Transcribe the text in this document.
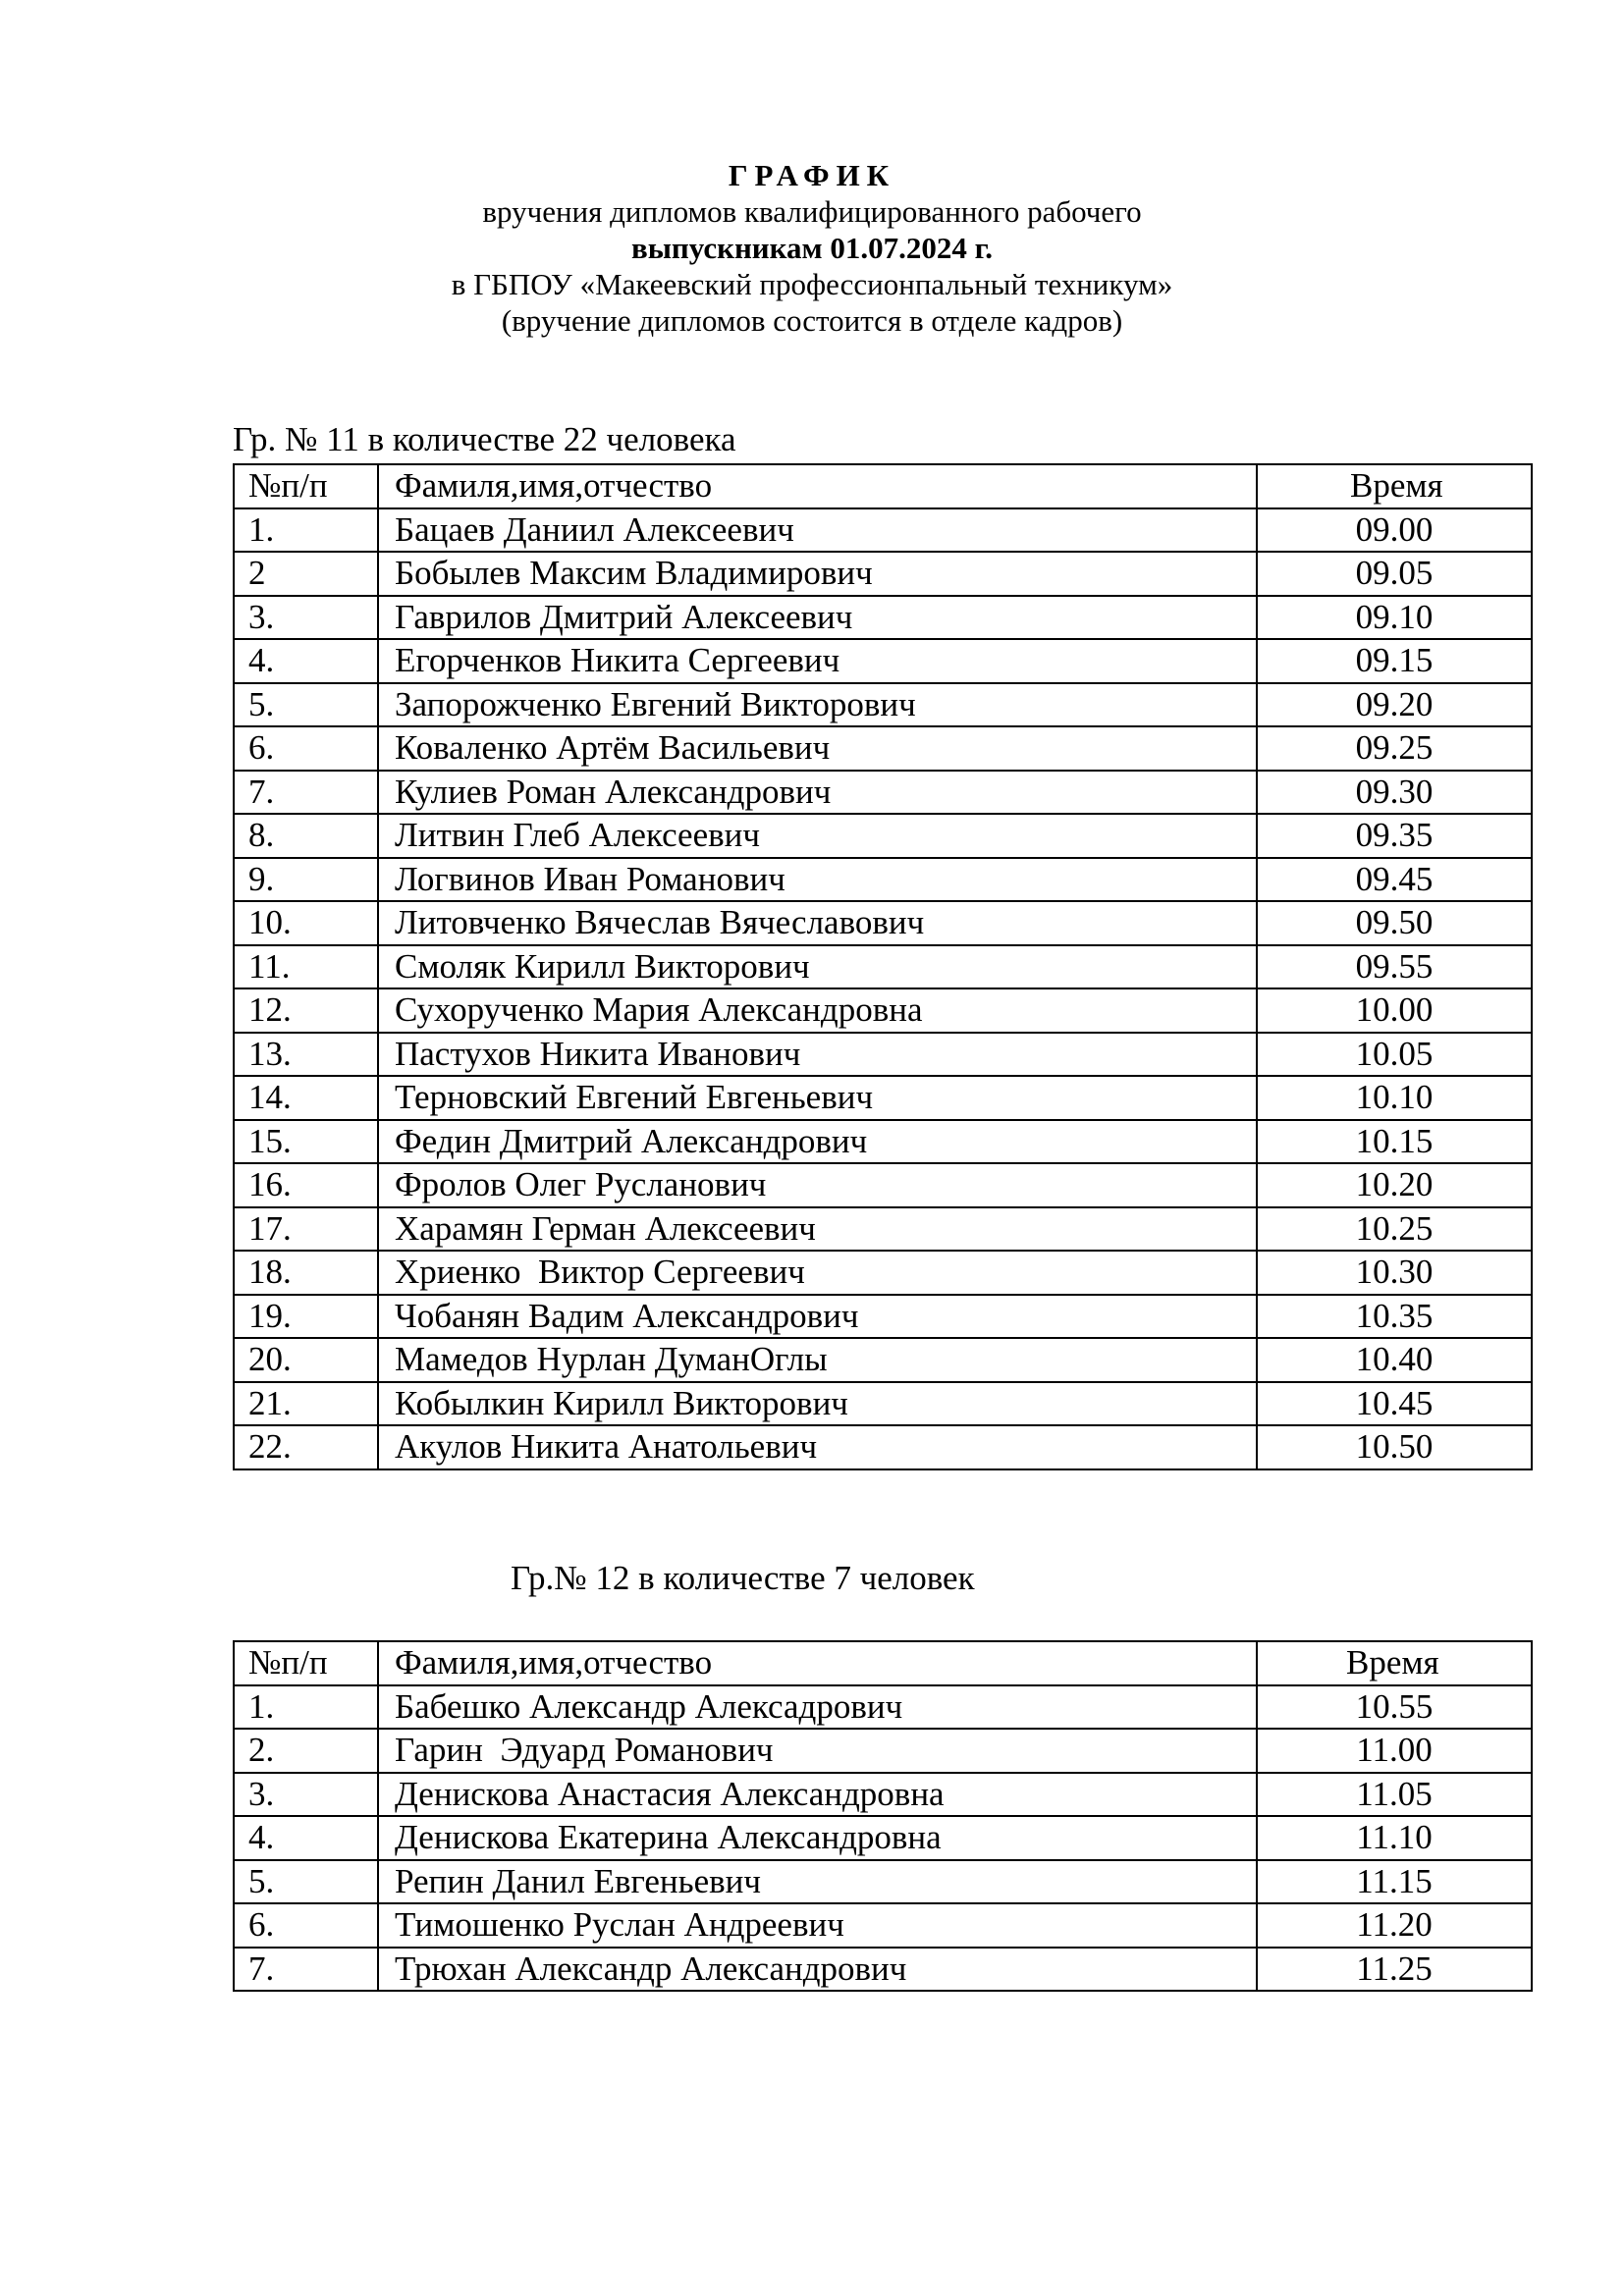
ГРАФИК
вручения дипломов квалифицированного рабочего
выпускникам 01.07.2024 г.
в ГБПОУ «Макеевский профессионпальный техникум»
(вручение дипломов состоится в отделе кадров)
Гр. № 11 в количестве 22 человека
№п/п	Фамиля,имя,отчество	Время
1.	Бацаев Даниил Алексеевич	09.00
2	Бобылев Максим Владимирович	09.05
3.	Гаврилов Дмитрий Алексеевич	09.10
4.	Егорченков Никита Сергеевич	09.15
5.	Запорожченко Евгений Викторович	09.20
6.	Коваленко Артём Васильевич	09.25
7.	Кулиев Роман Александрович	09.30
8.	Литвин Глеб Алексеевич	09.35
9.	Логвинов Иван Романович	09.45
10.	Литовченко Вячеслав Вячеславович	09.50
11.	Смоляк Кирилл Викторович	09.55
12.	Сухорученко Мария Александровна	10.00
13.	Пастухов Никита Иванович	10.05
14.	Терновский Евгений Евгеньевич	10.10
15.	Федин Дмитрий Александрович	10.15
16.	Фролов Олег Русланович	10.20
17.	Харамян Герман Алексеевич	10.25
18.	Хриенко  Виктор Сергеевич	10.30
19.	Чобанян Вадим Александрович	10.35
20.	Мамедов Нурлан ДуманОглы	10.40
21.	Кобылкин Кирилл Викторович	10.45
22.	Акулов Никита Анатольевич	10.50
Гр.№ 12 в количестве 7 человек
№п/п	Фамиля,имя,отчество	Время
1.	Бабешко Александр Алексадрович	10.55
2.	Гарин  Эдуард Романович	11.00
3.	Денискова Анастасия Александровна	11.05
4.	Денискова Екатерина Александровна	11.10
5.	Репин Данил Евгеньевич	11.15
6.	Тимошенко Руслан Андреевич	11.20
7.	Трюхан Александр Александрович	11.25
